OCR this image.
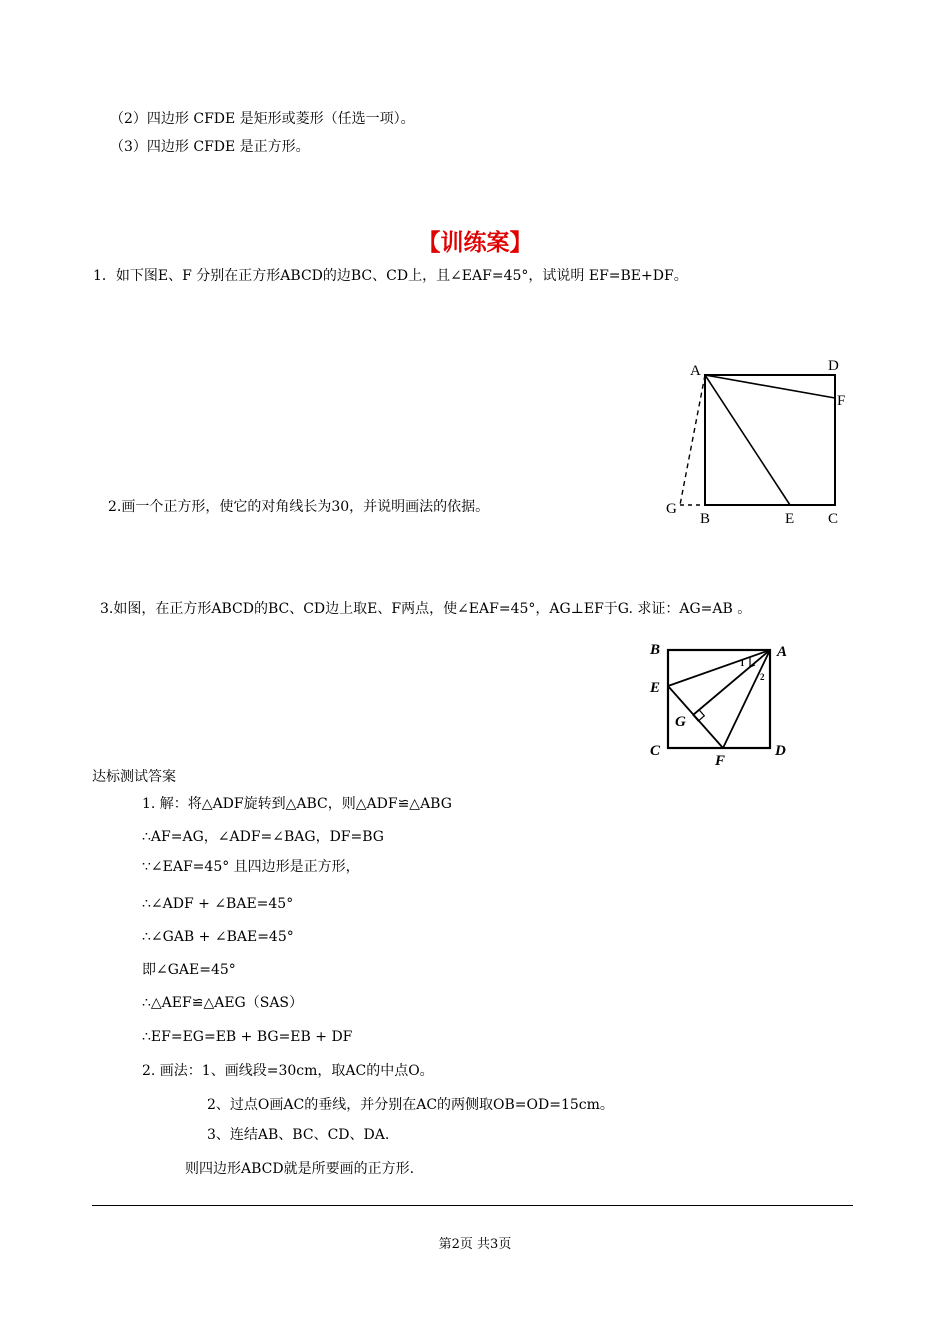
（2）四边形 CFDE 是矩形或菱形（任选一项）。
（3）四边形 CFDE 是正方形。
【训练案】
1．如下图E、F 分别在正方形ABCD的边BC、CD上，且∠EAF=45°，试说明 EF=BE+DF。
A	D
F
G
B	E C
2.画一个正方形，使它的对角线长为30，并说明画法的依据。
3.如图，在正方形ABCD的BC、CD边上取E、F两点，使∠EAF=45°，AG⊥EF于G. 求证：AG=AB 。
1
2
B	A
E
G
C
F
D
达标测试答案
1. 解：将△ADF旋转到△ABC，则△ADF≌△ABG
∴AF=AG，∠ADF=∠BAG，DF=BG
∵∠EAF=45° 且四边形是正方形，
∴∠ADF + ∠BAE=45°
∴∠GAB + ∠BAE=45°
即∠GAE=45°
∴△AEF≌△AEG（SAS）
∴EF=EG=EB + BG=EB + DF
2. 画法：1、画线段=30cm，取AC的中点O。
2、过点O画AC的垂线，并分别在AC的两侧取OB=OD=15cm。
3、连结AB、BC、CD、DA.
则四边形ABCD就是所要画的正方形.
第2页 共3页
